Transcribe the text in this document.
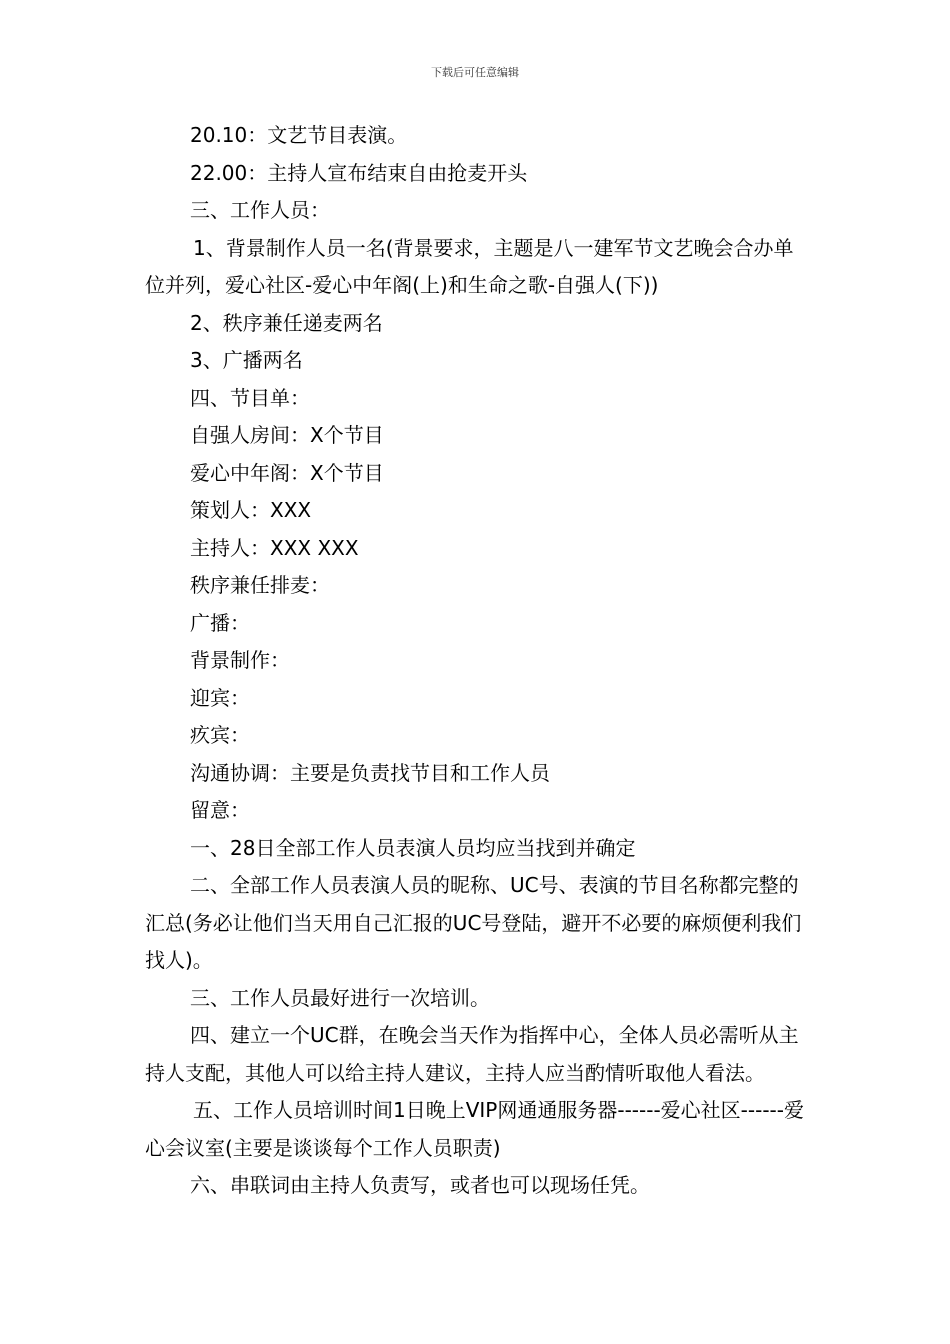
下载后可任意编辑

20.10：文艺节目表演。

22.00：主持人宣布结束自由抢麦开头

三、工作人员：

1、背景制作人员一名(背景要求，主题是八一建军节文艺晚会合办单位并列，爱心社区-爱心中年阁(上)和生命之歌-自强人(下))

2、秩序兼任递麦两名

3、广播两名

四、节目单：

自强人房间：X个节目

爱心中年阁：X个节目

策划人：XXX

主持人：XXX XXX

秩序兼任排麦：

广播：

背景制作：

迎宾：

疚宾：

沟通协调：主要是负责找节目和工作人员

留意：

一、28日全部工作人员表演人员均应当找到并确定

二、全部工作人员表演人员的昵称、UC号、表演的节目名称都完整的汇总(务必让他们当天用自己汇报的UC号登陆，避开不必要的麻烦便利我们找人)。

三、工作人员最好进行一次培训。

四、建立一个UC群，在晚会当天作为指挥中心，全体人员必需听从主持人支配，其他人可以给主持人建议，主持人应当酌情听取他人看法。

五、工作人员培训时间1日晚上VIP网通通服务器------爱心社区------爱心会议室(主要是谈谈每个工作人员职责)

六、串联词由主持人负责写，或者也可以现场任凭。
